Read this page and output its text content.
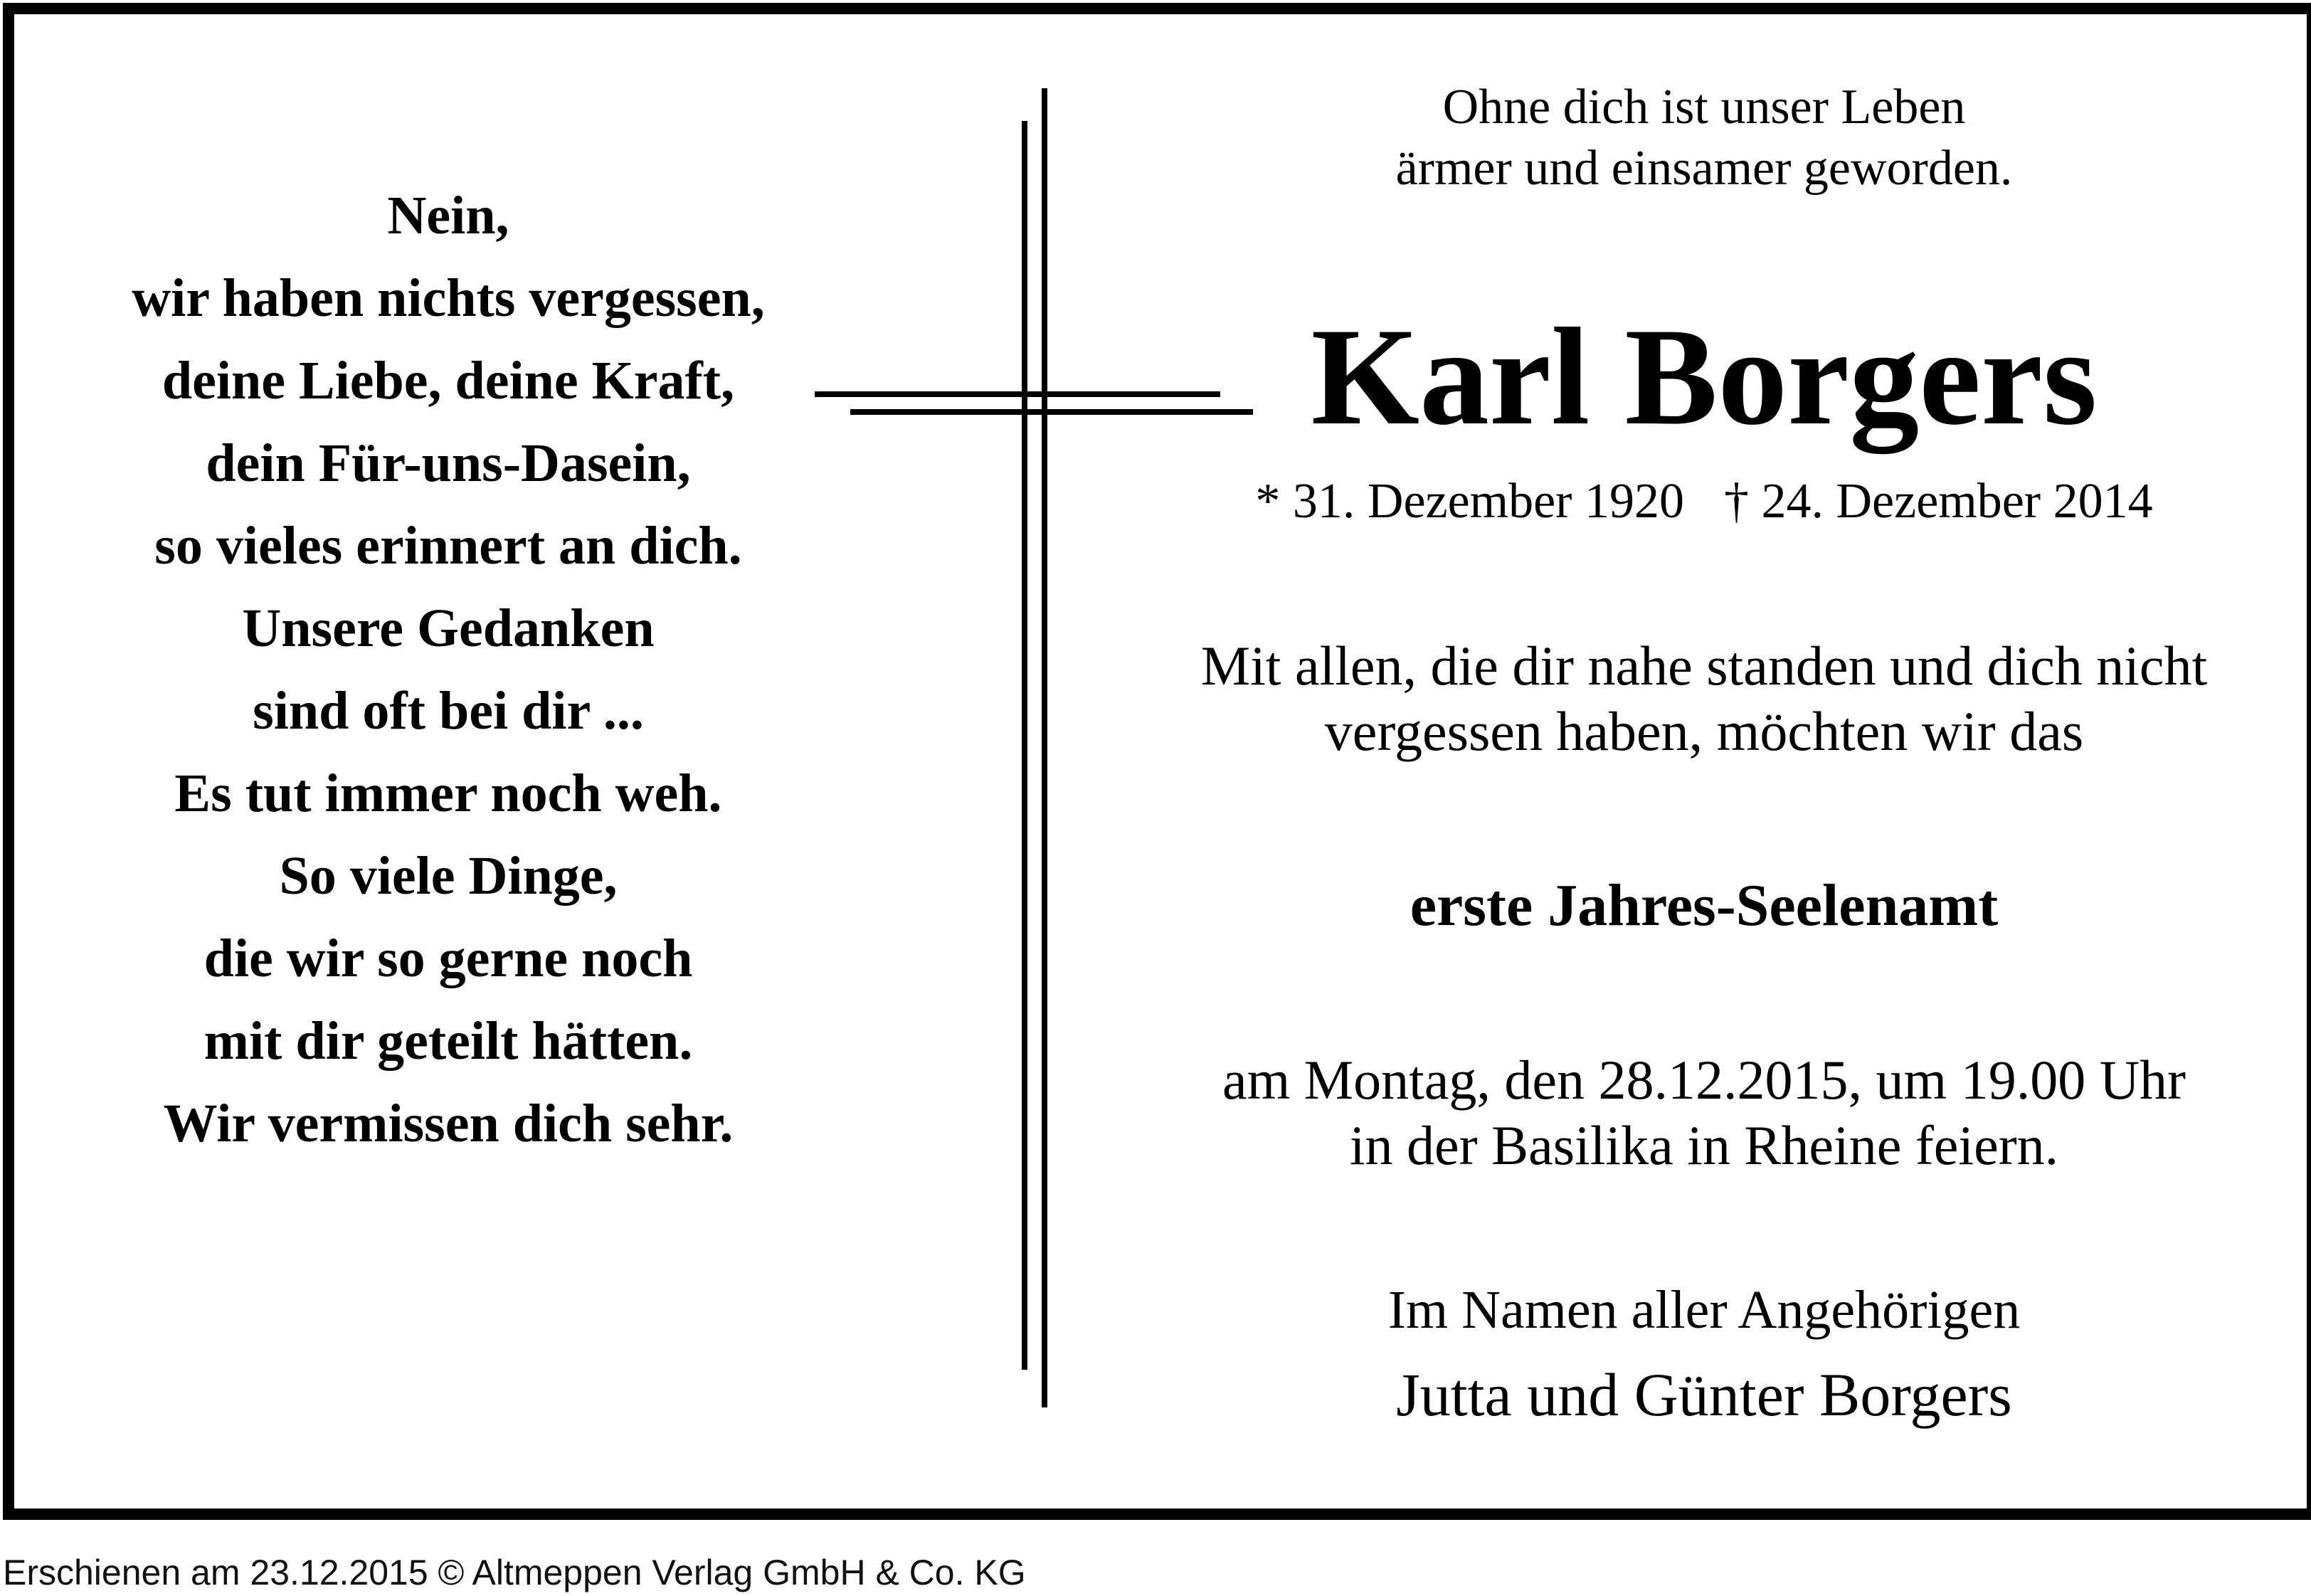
Nein,
wir haben nichts vergessen,
deine Liebe, deine Kraft,
dein Für-uns-Dasein,
so vieles erinnert an dich.
Unsere Gedanken
sind oft bei dir ...
Es tut immer noch weh.
So viele Dinge,
die wir so gerne noch
mit dir geteilt hätten.
Wir vermissen dich sehr.
Ohne dich ist unser Leben
ärmer und einsamer geworden.
Karl Borgers
* 31. Dezember 1920 † 24. Dezember 2014
Mit allen, die dir nahe standen und dich nicht
vergessen haben, möchten wir das
erste Jahres-Seelenamt
am Montag, den 28.12.2015, um 19.00 Uhr
in der Basilika in Rheine feiern.
Im Namen aller Angehörigen
Jutta und Günter Borgers
Erschienen am 23.12.2015 © Altmeppen Verlag GmbH & Co. KG
